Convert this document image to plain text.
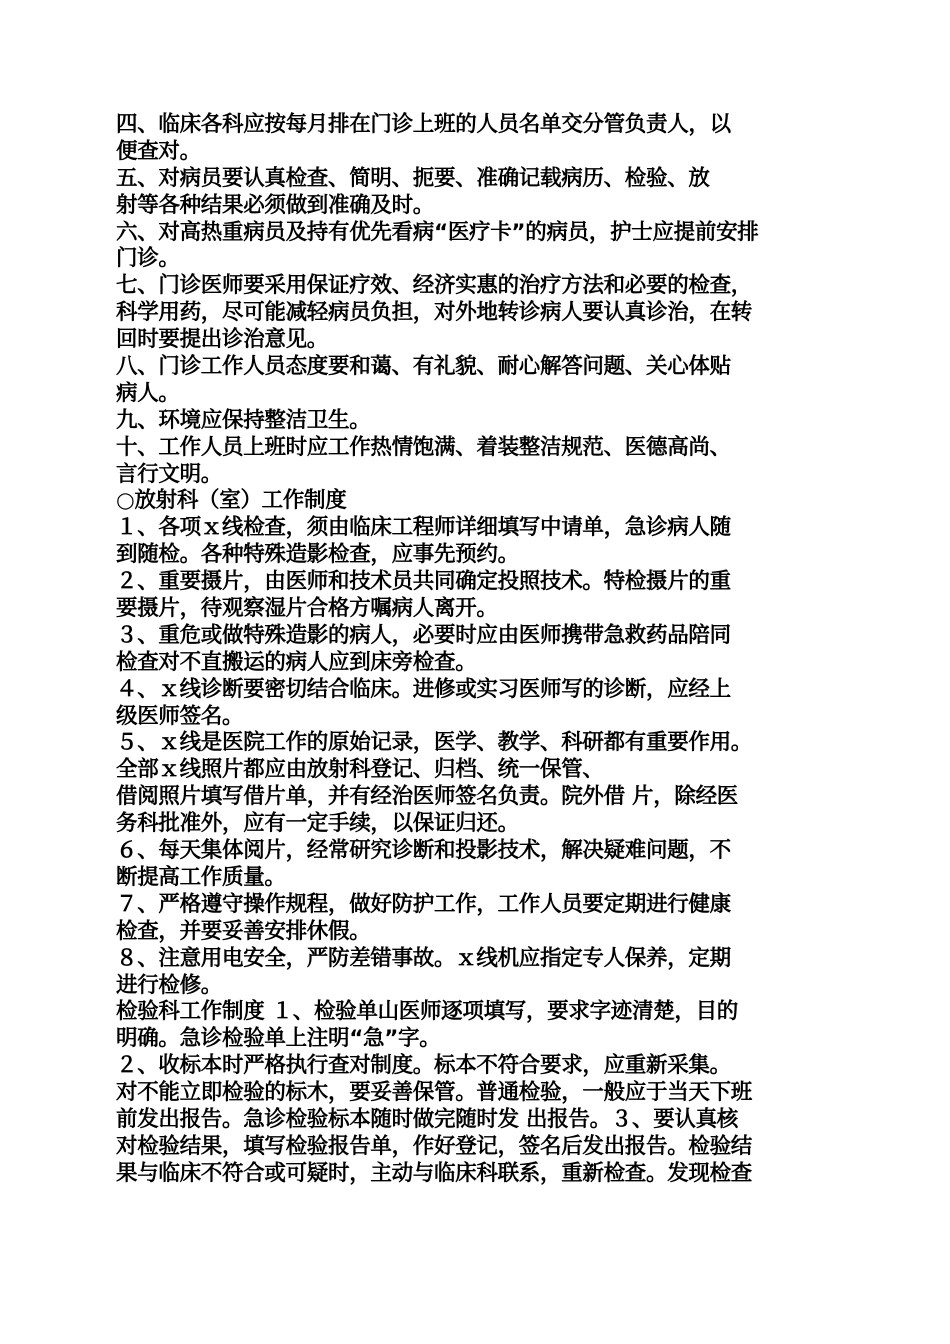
四、临床各科应按每月排在门诊上班的人员名单交分管负责人，以
便查对。
五、对病员要认真检查、简明、扼要、准确记载病历、检验、放
射等各种结果必须做到准确及时。
六、对高热重病员及持有优先看病“医疗卡”的病员，护士应提前安排
门诊。
七、门诊医师要采用保证疗效、经济实惠的治疗方法和必要的检查，
科学用药，尽可能减轻病员负担，对外地转诊病人要认真诊治，在转
回时要提出诊治意见。
八、门诊工作人员态度要和蔼、有礼貌、耐心解答问题、关心体贴
病人。
九、环境应保持整洁卫生。
十、工作人员上班时应工作热情饱满、着装整洁规范、医德高尚、
言行文明。
○放射科（室）工作制度
１、各项ｘ线检查，须由临床工程师详细填写中请单，急诊病人随
到随检。各种特殊造影检查，应事先预约。
２、重要摄片，由医师和技术员共同确定投照技术。特检摄片的重
要摄片，待观察湿片合格方嘱病人离开。
３、重危或做特殊造影的病人，必要时应由医师携带急救药品陪同
检查对不直搬运的病人应到床旁检查。
４、ｘ线诊断要密切结合临床。进修或实习医师写的诊断，应经上
级医师签名。
５、ｘ线是医院工作的原始记录，医学、教学、科研都有重要作用。
全部ｘ线照片都应由放射科登记、归档、统一保管、
借阅照片填写借片单，并有经治医师签名负责。院外借 片，除经医
务科批准外，应有一定手续，以保证归还。
６、每天集体阅片，经常研究诊断和投影技术，解决疑难问题，不
断提高工作质量。
７、严格遵守操作规程，做好防护工作，工作人员要定期进行健康
检查，并要妥善安排休假。
８、注意用电安全，严防差错事故。ｘ线机应指定专人保养，定期
进行检修。
检验科工作制度 １、检验单山医师逐项填写，要求字迹清楚，目的
明确。急诊检验单上注明“急”字。
２、收标本时严格执行查对制度。标本不符合要求，应重新采集。
对不能立即检验的标木，要妥善保管。普通检验，一般应于当天下班
前发出报告。急诊检验标本随时做完随时发 出报告。３、要认真核
对检验结果，填写检验报告单，作好登记，签名后发出报告。检验结
果与临床不符合或可疑时，主动与临床科联系，重新检查。发现检查
